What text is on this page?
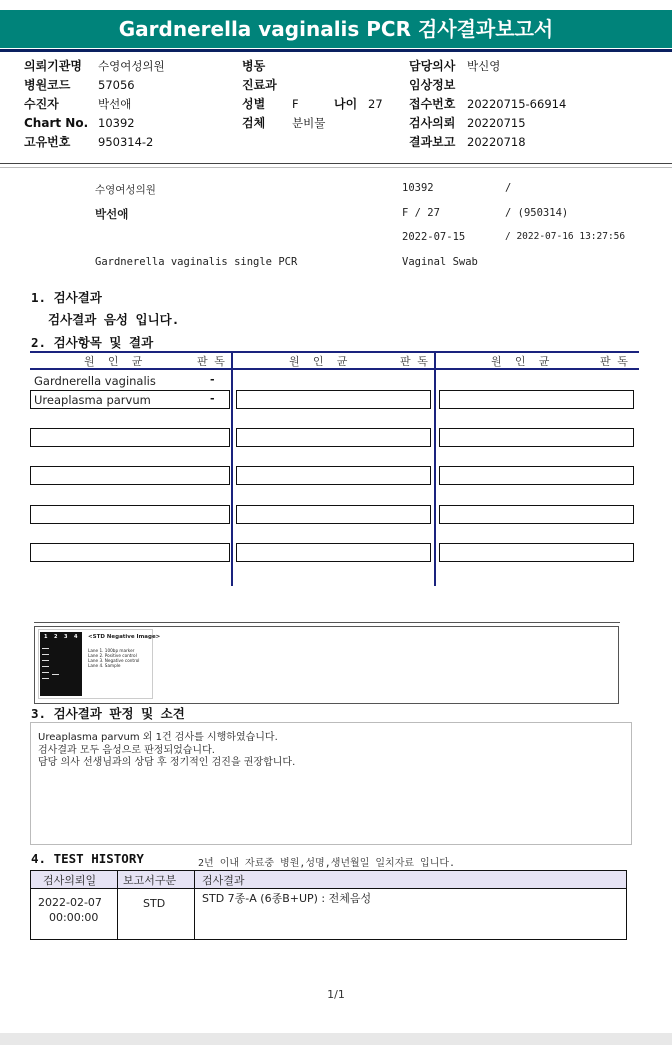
Gardnerella vaginalis PCR 검사결과보고서
의뢰기관명 수영여성의원
병원코드 57056
수진자	박선애
Chart No. 10392
고유번호 950314-2
병동
진료과
성별 F	나이 27
검체 분비물
담당의사 박신영
임상정보
접수번호 20220715-66914
검사의뢰 20220715
결과보고 20220718
수영여성의원	10392	/
박선애	F / 27	/ (950314)
2022-07-15	/ 2022-07-16 13:27:56
Gardnerella vaginalis single PCR	Vaginal Swab
1. 검사결과
검사결과 음성 입니다.
2. 검사항목 및 결과
원  인  균	판 독	원  인  균	판 독	원  인  균	판 독
Gardnerella vaginalis	-
Ureaplasma parvum	-
1 2 3 4 <STD Negative Image>
Lane 1. 100bp marker
Lane 2. Positive control
Lane 3. Negative control
Lane 4. Sample
3. 검사결과 판정 및 소견
Ureaplasma parvum 외 1건 검사를 시행하였습니다.
검사결과 모두 음성으로 판정되었습니다.
담당 의사 선생님과의 상담 후 정기적인 검진을 권장합니다.
4. TEST HISTORY	2년 이내 자료중 병원,성명,생년월일 일치자료 입니다.
검사의뢰일 보고서구분 검사결과
2022-02-07
00:00:00
STD	STD 7종-A (6종B+UP) : 전체음성
1/1
